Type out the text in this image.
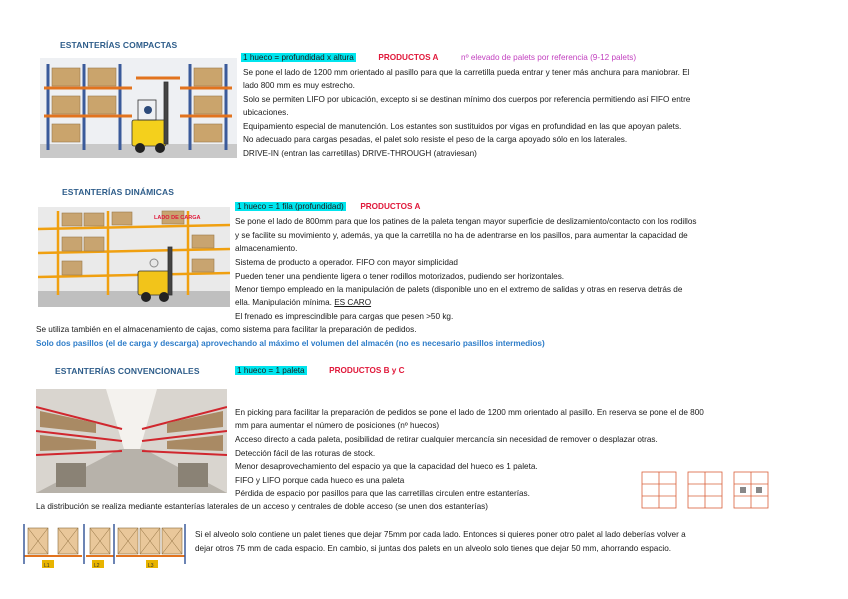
ESTANTERÍAS COMPACTAS
1 hueco = profundidad x altura	PRODUCTOS A	nº elevado de palets por referencia (9-12 palets)
Se pone el lado de 1200 mm orientado al pasillo para que la carretilla pueda entrar y tener más anchura para maniobrar. El
lado 800 mm es muy estrecho.
Solo se permiten LIFO por ubicación, excepto si se destinan mínimo dos cuerpos por referencia permitiendo así FIFO entre
ubicaciones.
Equipamiento especial de manutención. Los estantes son sustituidos por vigas en profundidad en las que apoyan palets.
No adecuado para cargas pesadas, el palet solo resiste el peso de la carga apoyado sólo en los laterales.
DRIVE-IN (entran las carretillas) DRIVE-THROUGH (atraviesan)
ESTANTERÍAS DINÁMICAS
LADO DE CARGA
1 hueco = 1 fila (profundidad) PRODUCTOS A
Se pone el lado de 800mm para que los patines de la paleta tengan mayor superficie de deslizamiento/contacto con los rodillos
y se facilite su movimiento y, además, ya que la carretilla no ha de adentrarse en los pasillos, para aumentar la capacidad de
almacenamiento.
Sistema de producto a operador. FIFO con mayor simplicidad
Pueden tener una pendiente ligera o tener rodillos motorizados, pudiendo ser horizontales.
Menor tiempo empleado en la manipulación de palets (disponible uno en el extremo de salidas y otras en reserva detrás de
ella. Manipulación mínima. ES CARO
El frenado es imprescindible para cargas que pesen >50 kg.
Se utiliza también en el almacenamiento de cajas, como sistema para facilitar la preparación de pedidos.
Solo dos pasillos (el de carga y descarga) aprovechando al máximo el volumen del almacén (no es necesario pasillos intermedios)
ESTANTERÍAS CONVENCIONALES	1 hueco = 1 paleta	PRODUCTOS B y C
En picking para facilitar la preparación de pedidos se pone el lado de 1200 mm orientado al pasillo. En reserva se pone el de 800
mm para aumentar el número de posiciones (nº huecos)
Acceso directo a cada paleta, posibilidad de retirar cualquier mercancía sin necesidad de remover o desplazar otras.
Detección fácil de las roturas de stock.
Menor desaprovechamiento del espacio ya que la capacidad del hueco es 1 paleta.
FIFO y LIFO porque cada hueco es una paleta
Pérdida de espacio por pasillos para que las carretillas circulen entre estanterías.
La distribución se realiza mediante estanterías laterales de un acceso y centrales de doble acceso (se unen dos estanterías)
L1	L2	L3
Si el alveolo solo contiene un palet tienes que dejar 75mm por cada lado. Entonces si quieres poner otro palet al lado deberías volver a
dejar otros 75 mm de cada espacio. En cambio, si juntas dos palets en un alveolo solo tienes que dejar 50 mm, ahorrando espacio.
